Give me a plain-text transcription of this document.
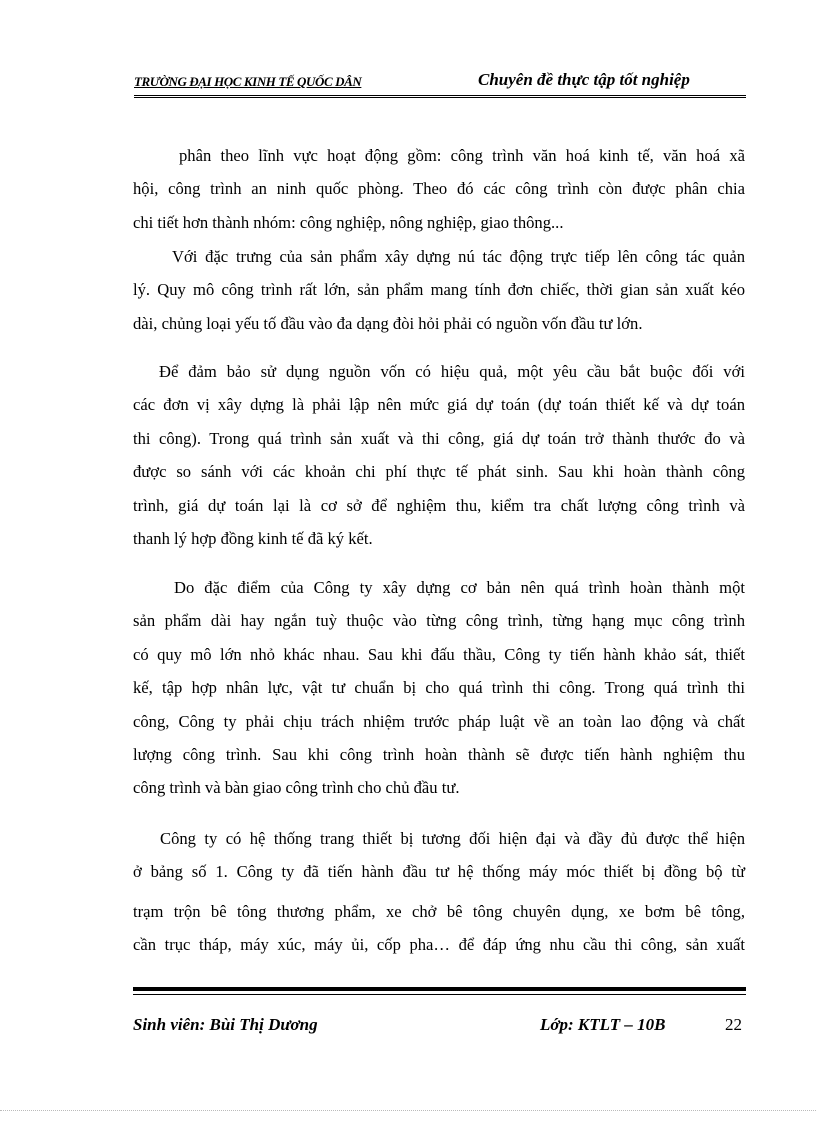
TRƯỜNG ĐẠI HỌC KINH TẾ QUỐC DÂN	Chuyên đề thực tập tốt nghiệp
phân theo lĩnh vực hoạt động gồm: công trình văn hoá kinh tế, văn hoá xã
hội, công trình an ninh quốc phòng. Theo đó các công trình còn được phân chia
chi tiết hơn thành nhóm: công nghiệp, nông nghiệp, giao thông...
Với đặc trưng của sản phẩm xây dựng nú tác động trực tiếp lên công tác quản
lý. Quy mô công trình rất lớn, sản phẩm mang tính đơn chiếc, thời gian sản xuất kéo
dài, chủng loại yếu tố đầu vào đa dạng đòi hỏi phải có nguồn vốn đầu tư lớn.
Để đảm bảo sử dụng nguồn vốn có hiệu quả, một yêu cầu bắt buộc đối với
các đơn vị xây dựng là phải lập nên mức giá dự toán (dự toán thiết kế và dự toán
thi công). Trong quá trình sản xuất và thi công, giá dự toán trở thành thước đo và
được so sánh với các khoản chi phí thực tế phát sinh. Sau khi hoàn thành công
trình, giá dự toán lại là cơ sở để nghiệm thu, kiểm tra chất lượng công trình và
thanh lý hợp đồng kinh tế đã ký kết.
Do đặc điểm của Công ty xây dựng cơ bản nên quá trình hoàn thành một
sản phẩm dài hay ngắn tuỳ thuộc vào từng công trình, từng hạng mục công trình
có quy mô lớn nhỏ khác nhau. Sau khi đấu thầu, Công ty tiến hành khảo sát, thiết
kế, tập hợp nhân lực, vật tư chuẩn bị cho quá trình thi công. Trong quá trình thi
công, Công ty phải chịu trách nhiệm trước pháp luật về an toàn lao động và chất
lượng công trình. Sau khi công trình hoàn thành sẽ được tiến hành nghiệm thu
công trình và bàn giao công trình cho chủ đầu tư.
Công ty có hệ thống trang thiết bị tương đối hiện đại và đầy đủ được thể hiện
ở bảng số 1. Công ty đã tiến hành đầu tư hệ thống máy móc thiết bị đồng bộ từ
trạm trộn bê tông thương phẩm, xe chở bê tông chuyên dụng, xe bơm bê tông,
cần trục tháp, máy xúc, máy ủi, cốp pha… để đáp ứng nhu cầu thi công, sản xuất
Sinh viên: Bùi Thị Dương	Lớp: KTLT – 10B	22
